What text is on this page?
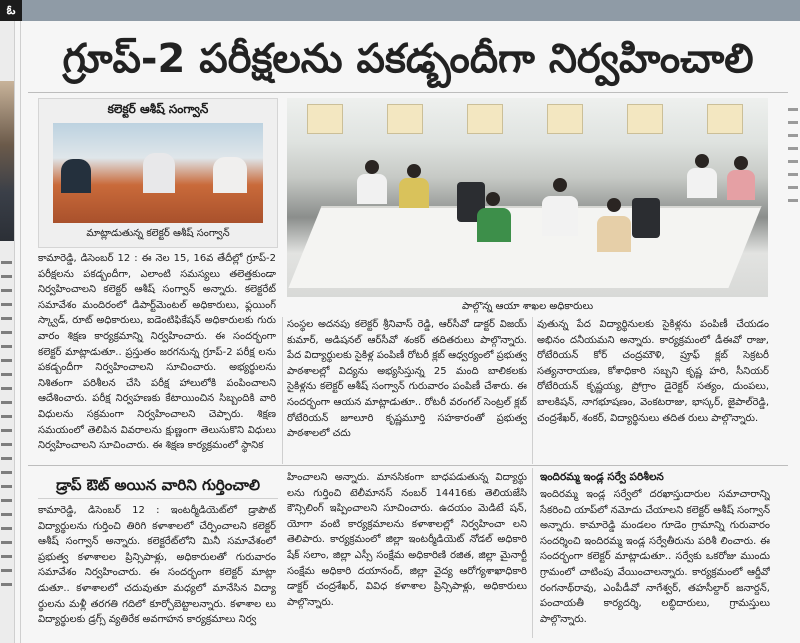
ఓ
గ్రూప్‌-2 పరీక్షలను పకడ్బందీగా నిర్వహించాలి
కలెక్టర్‌ ఆశీష్‌ సంగ్వాన్‌
మాట్లాడుతున్న కలెక్టర్‌ ఆశీష్‌ సంగ్వాన్‌
పాల్గొన్న ఆయా శాఖల అధికారులు

కామారెడ్డి, డిసెంబర్‌ 12 : ఈ నెల 15, 16వ తేదీల్లో గ్రూప్‌-2 పరీక్షలను పకడ్బందీగా, ఎలాంటి సమస్యలు తలెత్తకుండా నిర్వహించాలని కలెక్టర్‌ ఆశీష్‌ సంగ్వాన్‌ అన్నారు. కలెక్టరేట్‌ సమావేశం మందిరంలో డిపార్ట్‌మెంటల్‌ అధికారులు, ఫ్లయింగ్‌ స్క్వాడ్‌, రూట్‌ అధికారులు, ఐడెంటిఫికేషన్‌ అధికారులకు గురు వారం శిక్షణ కార్యక్రమాన్ని నిర్వహించారు. ఈ సందర్భంగా కలెక్టర్‌ మాట్లాడుతూ.. ప్రస్తుతం జరగనున్న గ్రూప్‌-2 పరీక్ష లను పకడ్బందీగా నిర్వహించాలని సూచించారు. అభ్యర్థులను నిశితంగా పరిశీలన చేసి పరీక్ష హాలులోకి పంపించాలని ఆదేశించారు. పరీక్ష నిర్వహణకు కేటాయించిన సిబ్బందికి వారి విధులను సక్రమంగా నిర్వహించాలని చెప్పారు. శిక్షణ సమయంలో తెలిపిన వివరాలను క్షుణ్ణంగా తెలుసుకొని విధులు నిర్వహించాలని సూచించారు. ఈ శిక్షణ కార్యక్రమంలో స్థానిక

సంస్థల అదనపు కలెక్టర్‌ శ్రీనివాస్‌ రెడ్డి, ఆర్‌సీవో డాక్టర్‌ విజయ్‌ కుమార్‌, అడిషనల్‌ ఆర్‌సీవో శంకర్‌ తదితరులు పాల్గొన్నారు. పేద విద్యార్థులకు సైకిళ్ల పంపిణీ రోటరీ క్లబ్‌ ఆధ్వర్యంలో ప్రభుత్వ పాఠశాలల్లో విద్యను అభ్యసిస్తున్న 25 మంది బాలికలకు సైకిళ్లను కలెక్టర్‌ ఆశీష్‌ సంగ్వాన్‌ గురువారం పంపిణీ చేశారు. ఈ సందర్భంగా ఆయన మాట్లాడుతూ.. రోటరీ వరంగల్‌ సెంట్రల్‌ క్లబ్‌ రోటేరియన్‌ జూలూరి కృష్ణమూర్తి సహకారంతో ప్రభుత్వ పాఠశాలలో చదు

వుతున్న పేద విద్యార్థినులకు సైకిళ్లను పంపిణీ చేయడం అభినం దనీయమని అన్నారు. కార్యక్రమంలో డీఈవో రాజు, రోటేరియన్‌ కోర్‌ చంద్రమౌళి, ప్రూఫ్‌ క్లబ్‌ సెక్రటరీ సత్యనారాయణ, కోశాధికారి సబ్బని కృష్ణ హరి, సీనియర్‌ రోటేరియన్‌ కృష్ణయ్య, ప్రోగ్రాం డైరెక్టర్‌ సత్యం, దుంపలు, బాలకిషన్‌, నాగభూషణం, వెంకటరాజు, భాస్కర్‌, జైపాల్‌రెడ్డి, చంద్రశేఖర్‌, శంకర్‌, విద్యార్థినులు తదిత రులు పాల్గొన్నారు.

డ్రాప్‌ ఔట్‌ అయిన వారిని గుర్తించాలి

కామారెడ్డి, డిసెంబర్‌ 12 : ఇంటర్మీడియెట్‌లో డ్రాపౌట్‌ విద్యార్థులను గుర్తించి తిరిగి కళాశాలలో చేర్పించాలని కలెక్టర్‌ ఆశీష్‌ సంగ్వాన్‌ అన్నారు. కలెక్టరేట్‌లోని మినీ సమావేశంలో ప్రభుత్వ కళాశాలల ప్రిన్సిపాళ్లు, అధికారులతో గురువారం సమావేశం నిర్వహించారు. ఈ సందర్భంగా కలెక్టర్‌ మాట్లా డుతూ.. కళాశాలలో చదువుతూ మధ్యలో మానేసిన విద్యా ర్థులను మళ్లీ తరగతి గదిలో కూర్చోబెట్టాలన్నారు. కళాశాల లు విద్యార్థులకు డ్రగ్స్‌ వ్యతిరేక అవగాహన కార్యక్రమాలు నిర్వ

హించాలని అన్నారు. మానసికంగా బాధపడుతున్న విద్యార్థు లను గుర్తించి టెలీమానస్‌ నంబర్‌ 14416కు తెలియజేసి కౌన్సిలింగ్‌ ఇప్పించాలని సూచించారు. ఉదయం మెడిటే షన్‌, యోగా వంటి కార్యక్రమాలను కళాశాలల్లో నిర్వహించా లని తెలిపారు. కార్యక్రమంలో జిల్లా ఇంటర్మీడియెట్‌ నోడల్‌ అధికారి షేక్‌ సలాం, జిల్లా ఎస్సీ సంక్షేమ అధికారిణి రజిత, జిల్లా మైనార్టీ సంక్షేమ అధికారి దయానంద్‌, జిల్లా వైద్య ఆరోగ్యశాఖాధికారి డాక్టర్‌ చంద్రశేఖర్‌, వివిధ కళాశాల ప్రిన్సిపాళ్లు, అధికారులు పాల్గొన్నారు.

ఇందిరమ్మ ఇండ్ల సర్వే పరిశీలన

ఇందిరమ్మ ఇండ్ల సర్వేలో దరఖాస్తుదారుల సమాచారాన్ని సేకరించి యాప్‌లో నమోదు చేయాలని కలెక్టర్‌ ఆశీష్‌ సంగ్వాన్‌ అన్నారు. కామారెడ్డి మండలం గూడెం గ్రామాన్ని గురువారం సందర్శించి ఇందిరమ్మ ఇండ్ల సర్వేతీరును పరిశీ లించారు. ఈ సందర్భంగా కలెక్టర్‌ మాట్లాడుతూ.. సర్వేకు ఒకరోజు ముందు గ్రామంలో చాటింపు వేయించాలన్నారు. కార్యక్రమంలో ఆర్డీవో రంగనాథ్‌రావు, ఎంపీడీవో నాగేశ్వర్‌, తహసీల్దార్‌ జనార్దన్‌, పంచాయతీ కార్యదర్శి, లబ్ధిదారులు, గ్రామస్తులు పాల్గొన్నారు.
